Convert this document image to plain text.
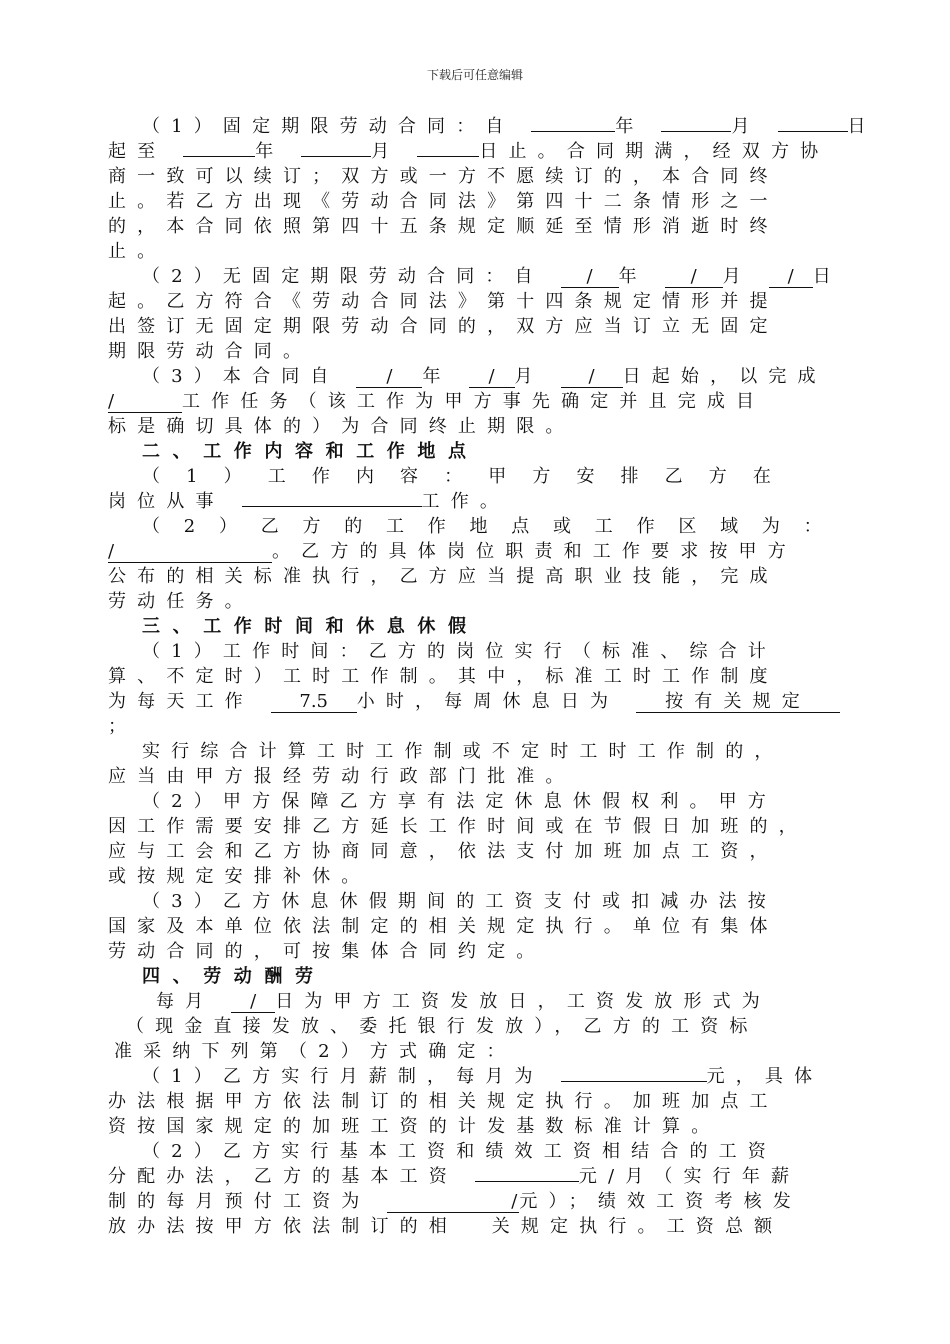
下载后可任意编辑
（1）固定期限劳动合同：自	年	月	日
起至	年	月	日止。合同期满，经双方协
商一致可以续订；双方或一方不愿续订的，本合同终
止。若乙方出现《劳动合同法》第四十二条情形之一
的，本合同依照第四十五条规定顺延至情形消逝时终
止。
（2）无固定期限劳动合同：自 / 年 / 月 / 日
起。乙方符合《劳动合同法》第十四条规定情形并提
出签订无固定期限劳动合同的，双方应当订立无固定
期限劳动合同。
（3）本合同自	/ 年 / 月 / 日起始，以完成
/	工作任务（该工作为甲方事先确定并且完成目
标是确切具体的）为合同终止期限。
二、工作内容和工作地点
（1）工作内容：甲方安排乙方在
岗位从事	工作。
（2）乙方的工作地点或工作区域为：
/	。乙方的具体岗位职责和工作要求按甲方
公布的相关标准执行，乙方应当提高职业技能，完成
劳动任务。
三、工作时间和休息休假
（1）工作时间：乙方的岗位实行（标准、综合计
算、不定时）工时工作制。其中，标准工时工作制度
为每天工作	7.5 小时，每周休息日为	按有关规定
；
实行综合计算工时工作制或不定时工时工作制的，
应当由甲方报经劳动行政部门批准。
（2）甲方保障乙方享有法定休息休假权利。甲方
因工作需要安排乙方延长工作时间或在节假日加班的，
应与工会和乙方协商同意，依法支付加班加点工资，
或按规定安排补休。
（3）乙方休息休假期间的工资支付或扣减办法按
国家及本单位依法制定的相关规定执行。单位有集体
劳动合同的，可按集体合同约定。
四、劳动酬劳
每月 / 日为甲方工资发放日，工资发放形式为
（现金直接发放、委托银行发放），乙方的工资标
准采纳下列第（2）方式确定：
（1）乙方实行月薪制，每月为	元，具体
办法根据甲方依法制订的相关规定执行。加班加点工
资按国家规定的加班工资的计发基数标准计算。
（2）乙方实行基本工资和绩效工资相结合的工资
分配办法，乙方的基本工资	元/月（实行年薪
制的每月预付工资为	/ 元）；绩效工资考核发
放办法按甲方依法制订的相 关规定执行。工资总额
